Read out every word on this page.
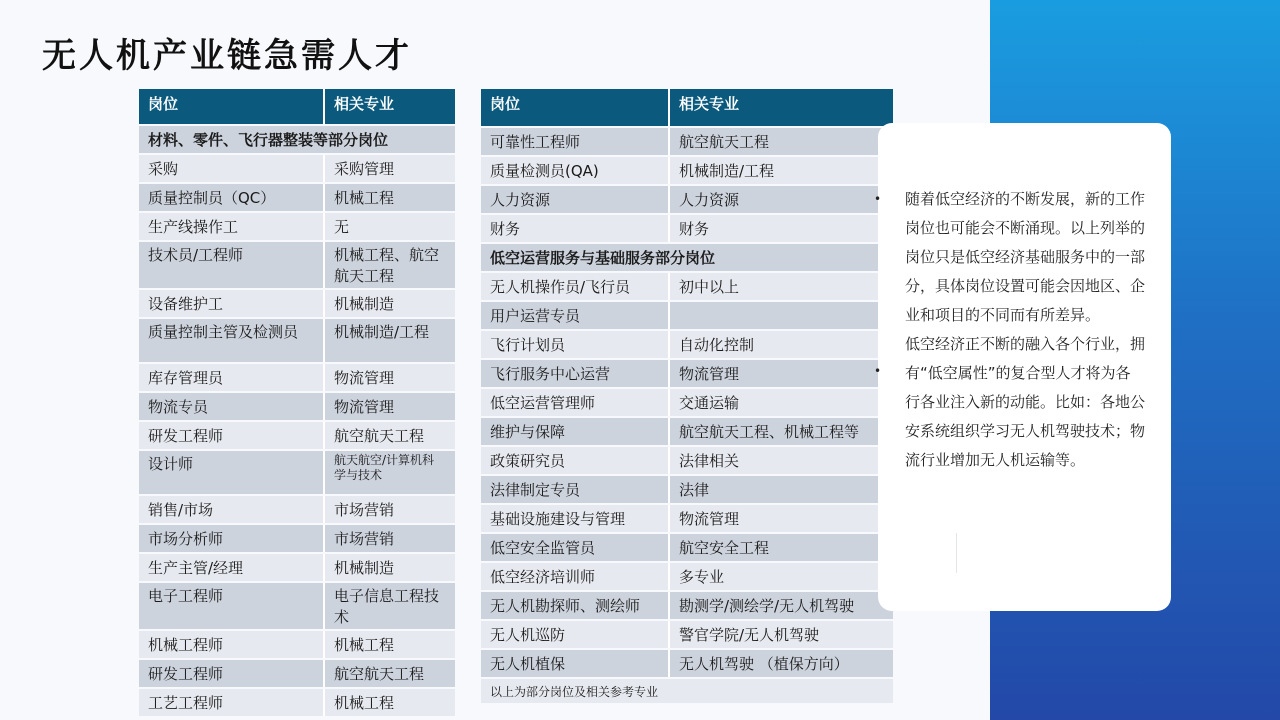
无人机产业链急需人才
岗位	相关专业
材料、零件、飞行器整装等部分岗位	
采购	采购管理
质量控制员（QC）	机械工程
生产线操作工	无
技术员/工程师	机械工程、航空航天工程
设备维护工	机械制造
质量控制主管及检测员	机械制造/工程
库存管理员	物流管理
物流专员	物流管理
研发工程师	航空航天工程
设计师	航天航空/计算机科学与技术
销售/市场	市场营销
市场分析师	市场营销
生产主管/经理	机械制造
电子工程师	电子信息工程技术
机械工程师	机械工程
研发工程师	航空航天工程
工艺工程师	机械工程
岗位	相关专业
可靠性工程师	航空航天工程
质量检测员(QA)	机械制造/工程
人力资源	人力资源
财务	财务
低空运营服务与基础服务部分岗位	
无人机操作员/飞行员	初中以上
用户运营专员	
飞行计划员	自动化控制
飞行服务中心运营	物流管理
低空运营管理师	交通运输
维护与保障	航空航天工程、机械工程等
政策研究员	法律相关
法律制定专员	法律
基础设施建设与管理	物流管理
低空安全监管员	航空安全工程
低空经济培训师	多专业
无人机勘探师、测绘师	勘测学/测绘学/无人机驾驶
无人机巡防	警官学院/无人机驾驶
无人机植保	无人机驾驶 （植保方向）
以上为部分岗位及相关参考专业	

随着低空经济的不断发展，新的工作岗位也可能会不断涌现。以上列举的岗位只是低空经济基础服务中的一部分，具体岗位设置可能会因地区、企业和项目的不同而有所差异。

低空经济正不断的融入各个行业，拥有“低空属性”的复合型人才将为各行各业注入新的动能。比如：各地公安系统组织学习无人机驾驶技术；物流行业增加无人机运输等。

•
•
